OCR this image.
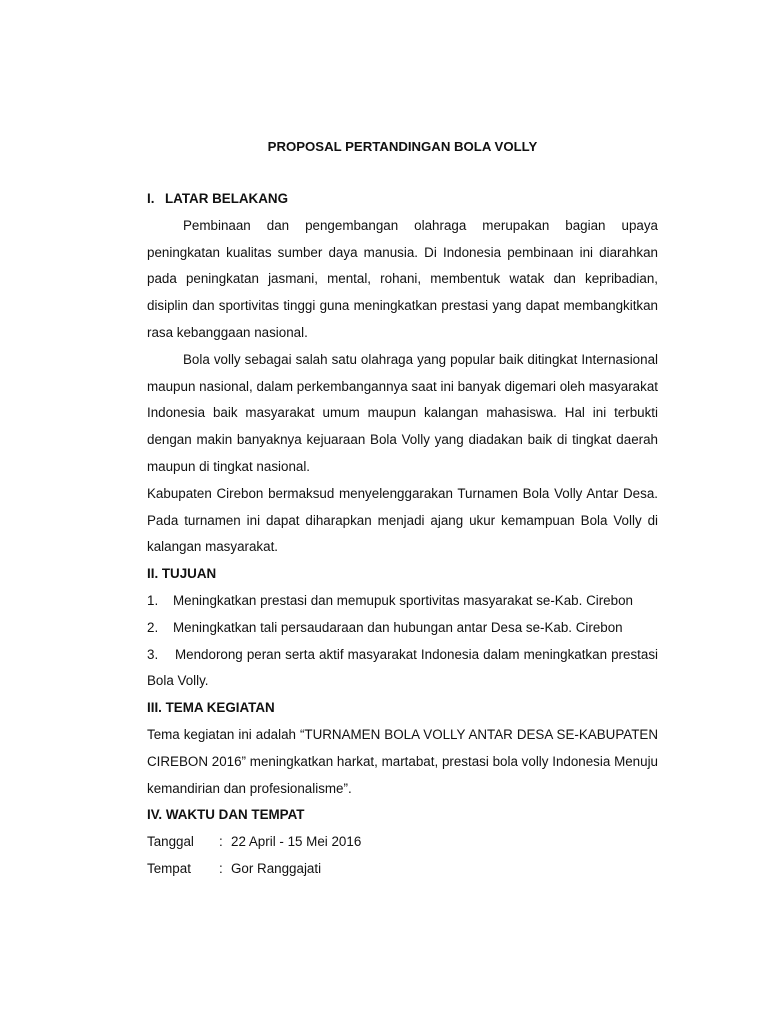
PROPOSAL PERTANDINGAN BOLA VOLLY
I. LATAR BELAKANG

Pembinaan dan pengembangan olahraga merupakan bagian upaya peningkatan kualitas sumber daya manusia. Di Indonesia pembinaan ini diarahkan pada peningkatan jasmani, mental, rohani, membentuk watak dan kepribadian, disiplin dan sportivitas tinggi guna meningkatkan prestasi yang dapat membangkitkan rasa kebanggaan nasional.

Bola volly sebagai salah satu olahraga yang popular baik ditingkat Internasional maupun nasional, dalam perkembangannya saat ini banyak digemari oleh masyarakat Indonesia baik masyarakat umum maupun kalangan mahasiswa. Hal ini terbukti dengan makin banyaknya kejuaraan Bola Volly yang diadakan baik di tingkat daerah maupun di tingkat nasional.

Kabupaten Cirebon bermaksud menyelenggarakan Turnamen Bola Volly Antar Desa. Pada turnamen ini dapat diharapkan menjadi ajang ukur kemampuan Bola Volly di kalangan masyarakat.

II. TUJUAN
1.	Meningkatkan prestasi dan memupuk sportivitas masyarakat se-Kab. Cirebon
2.	Meningkatkan tali persaudaraan dan hubungan antar Desa se-Kab. Cirebon
3. Mendorong peran serta aktif masyarakat Indonesia dalam meningkatkan prestasi Bola Volly.
III. TEMA KEGIATAN

Tema kegiatan ini adalah “TURNAMEN BOLA VOLLY ANTAR DESA SE-KABUPATEN CIREBON 2016” meningkatkan harkat, martabat, prestasi bola volly Indonesia Menuju kemandirian dan profesionalisme”.

IV. WAKTU DAN TEMPAT
Tanggal	: 22 April - 15 Mei 2016
Tempat	: Gor Ranggajati
